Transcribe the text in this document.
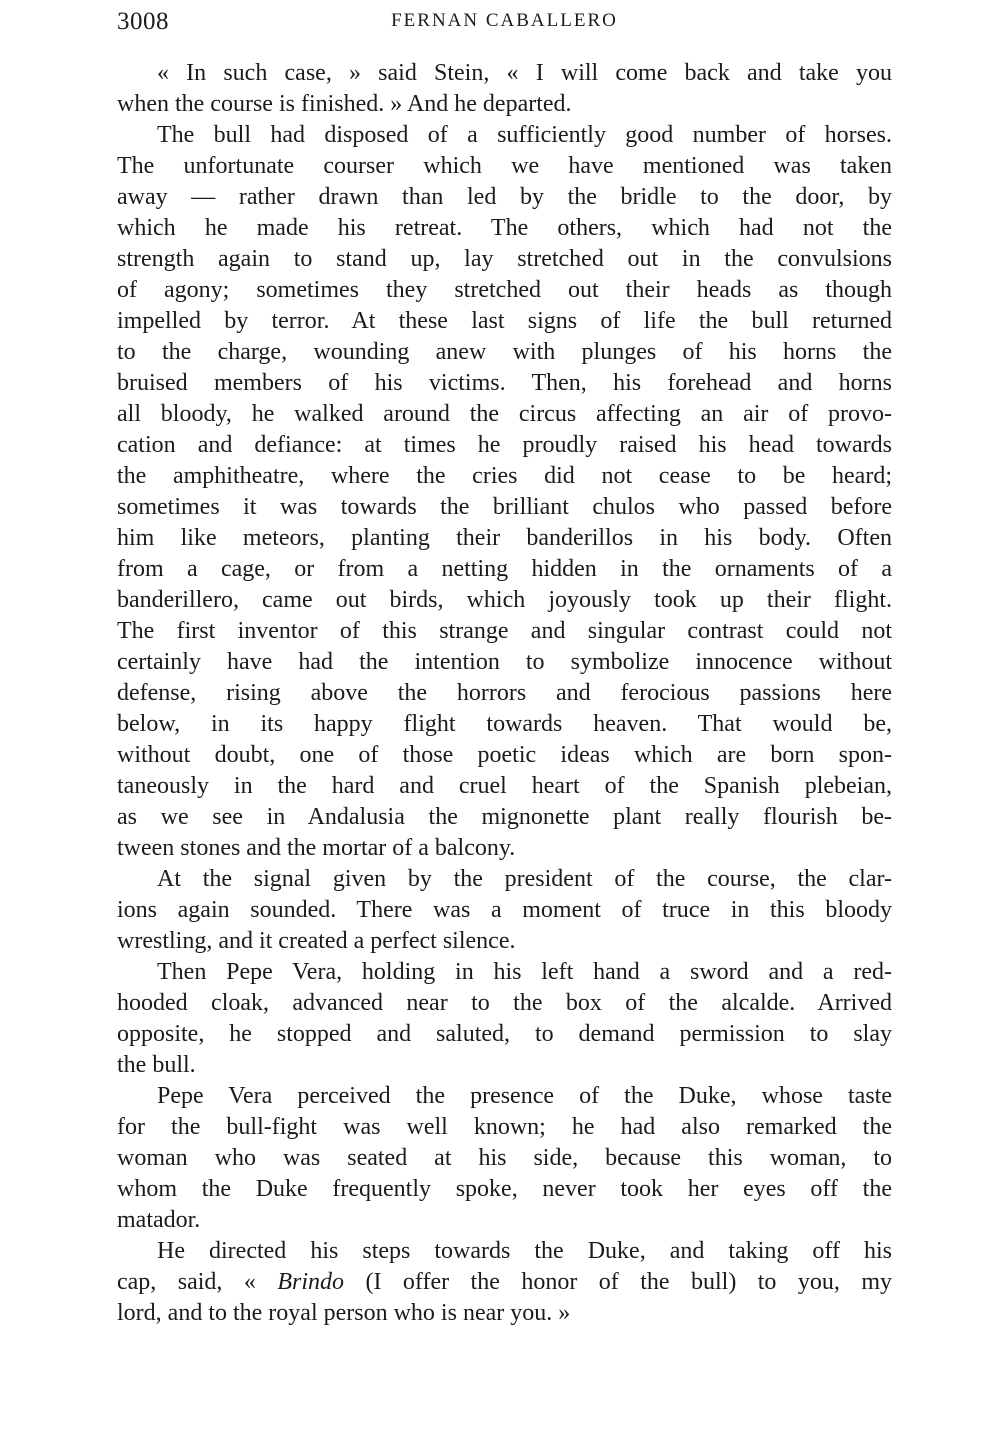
3008	FERNAN CABALLERO
« In such case, » said Stein, « I will come back and take you
when the course is finished. » And he departed.
The bull had disposed of a sufficiently good number of horses.
The unfortunate courser which we have mentioned was taken
away — rather drawn than led by the bridle to the door, by
which he made his retreat. The others, which had not the
strength again to stand up, lay stretched out in the convulsions
of agony; sometimes they stretched out their heads as though
impelled by terror. At these last signs of life the bull returned
to the charge, wounding anew with plunges of his horns the
bruised members of his victims. Then, his forehead and horns
all bloody, he walked around the circus affecting an air of provo-
cation and defiance: at times he proudly raised his head towards
the amphitheatre, where the cries did not cease to be heard;
sometimes it was towards the brilliant chulos who passed before
him like meteors, planting their banderillos in his body. Often
from a cage, or from a netting hidden in the ornaments of a
banderillero, came out birds, which joyously took up their flight.
The first inventor of this strange and singular contrast could not
certainly have had the intention to symbolize innocence without
defense, rising above the horrors and ferocious passions here
below, in its happy flight towards heaven. That would be,
without doubt, one of those poetic ideas which are born spon-
taneously in the hard and cruel heart of the Spanish plebeian,
as we see in Andalusia the mignonette plant really flourish be-
tween stones and the mortar of a balcony.
At the signal given by the president of the course, the clar-
ions again sounded. There was a moment of truce in this bloody
wrestling, and it created a perfect silence.
Then Pepe Vera, holding in his left hand a sword and a red-
hooded cloak, advanced near to the box of the alcalde. Arrived
opposite, he stopped and saluted, to demand permission to slay
the bull.
Pepe Vera perceived the presence of the Duke, whose taste
for the bull-fight was well known; he had also remarked the
woman who was seated at his side, because this woman, to
whom the Duke frequently spoke, never took her eyes off the
matador.
He directed his steps towards the Duke, and taking off his
cap, said, « Brindo (I offer the honor of the bull) to you, my
lord, and to the royal person who is near you. »
